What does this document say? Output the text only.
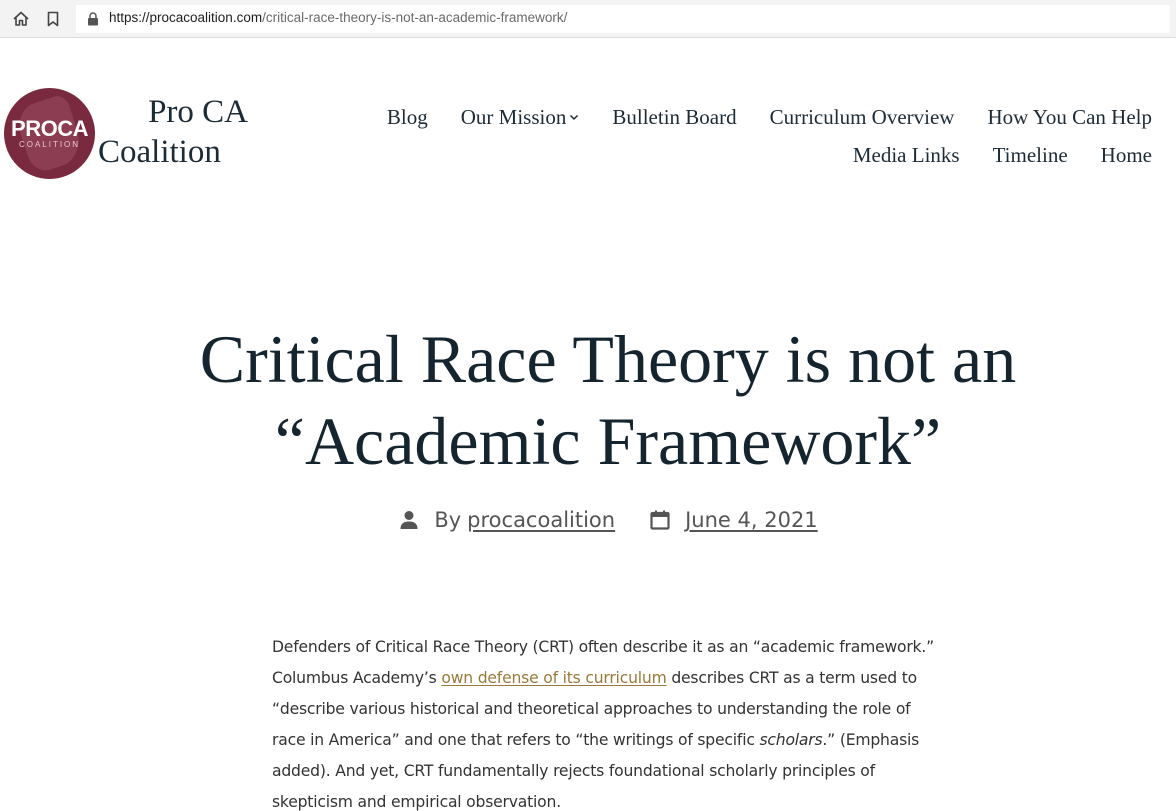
https://procacoalition.com/critical-race-theory-is-not-an-academic-framework/
PROCA
COALITION
Pro CA
Coalition
Blog Our Mission Bulletin Board Curriculum Overview How You Can Help
Media Links Timeline Home
Critical Race Theory is not an
“Academic Framework”
By procacoalition	June 4, 2021

Defenders of Critical Race Theory (CRT) often describe it as an “academic framework.” Columbus Academy’s own defense of its curriculum describes CRT as a term used to “describe various historical and theoretical approaches to understanding the role of race in America” and one that refers to “the writings of specific scholars.” (Emphasis added). And yet, CRT fundamentally rejects foundational scholarly principles of skepticism and empirical observation.
